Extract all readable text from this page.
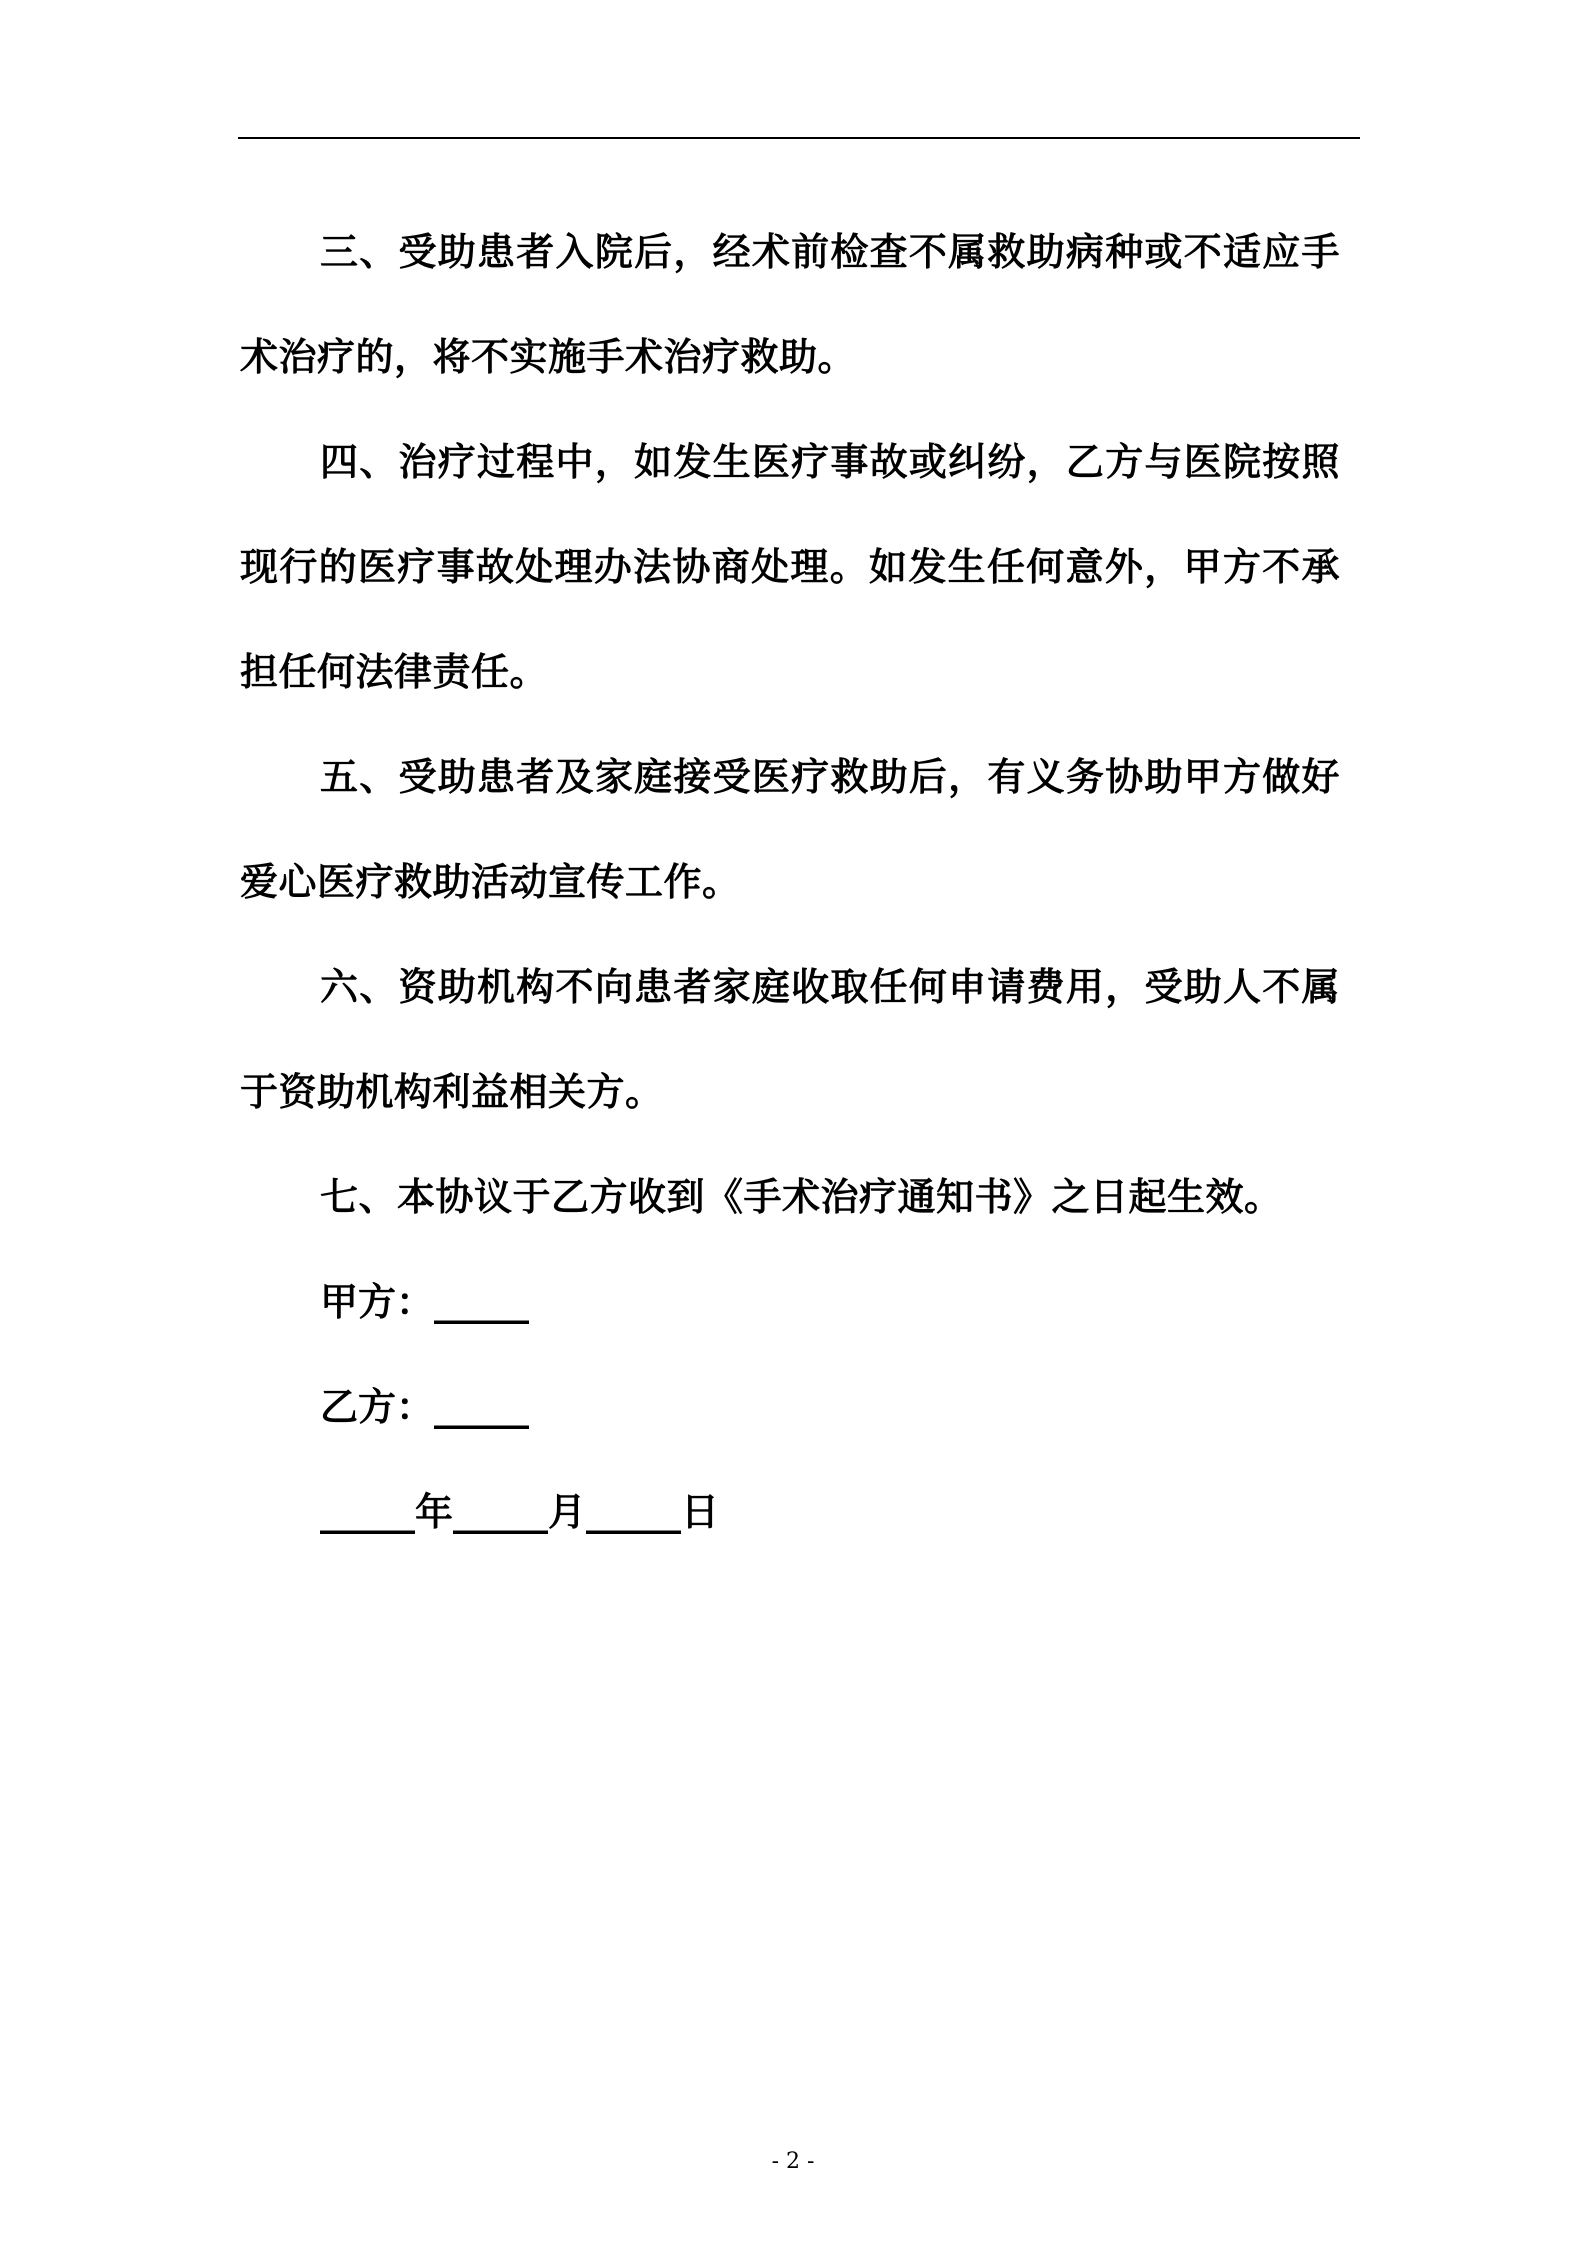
三、受助患者入院后，经术前检查不属救助病种或不适应手术治疗的，将不实施手术治疗救助。

四、治疗过程中，如发生医疗事故或纠纷，乙方与医院按照现行的医疗事故处理办法协商处理。如发生任何意外，甲方不承担任何法律责任。

五、受助患者及家庭接受医疗救助后，有义务协助甲方做好爱心医疗救助活动宣传工作。

六、资助机构不向患者家庭收取任何申请费用，受助人不属于资助机构利益相关方。

七、本协议于乙方收到《手术治疗通知书》之日起生效。

甲方：_____

乙方：_____

_____年_____月_____日

- 2 -
